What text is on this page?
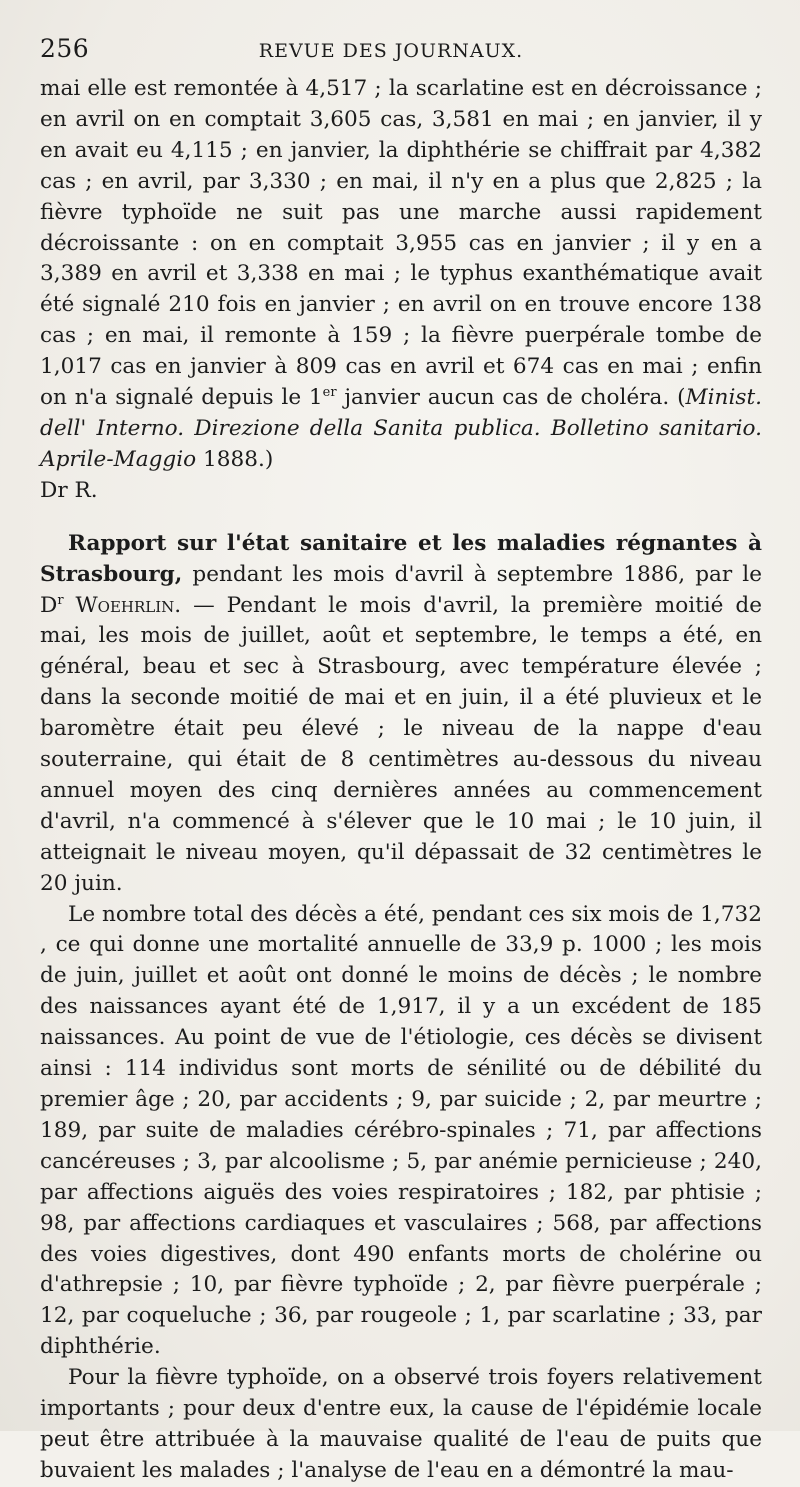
256	REVUE DES JOURNAUX.

mai elle est remontée à 4,517 ; la scarlatine est en décroissance ; en avril on en comptait 3,605 cas, 3,581 en mai ; en janvier, il y en avait eu 4,115 ; en janvier, la diphthérie se chiffrait par 4,382 cas ; en avril, par 3,330 ; en mai, il n'y en a plus que 2,825 ; la fièvre typhoïde ne suit pas une marche aussi rapidement décroissante : on en comptait 3,955 cas en janvier ; il y en a 3,389 en avril et 3,338 en mai ; le typhus exanthématique avait été signalé 210 fois en janvier ; en avril on en trouve encore 138 cas ; en mai, il remonte à 159 ; la fièvre puerpérale tombe de 1,017 cas en janvier à 809 cas en avril et 674 cas en mai ; enfin on n'a signalé depuis le 1er janvier aucun cas de choléra. (Minist. dell' Interno. Direzione della Sanita publica. Bolletino sanitario. Aprile-Maggio 1888.)

Dr R.

Rapport sur l'état sanitaire et les maladies régnantes à Strasbourg, pendant les mois d'avril à septembre 1886, par le $D^r$ Woehrlin. — Pendant le mois d'avril, la première moitié de mai, les mois de juillet, août et septembre, le temps a été, en général, beau et sec à Strasbourg, avec température élevée ; dans la seconde moitié de mai et en juin, il a été pluvieux et le baromètre était peu élevé ; le niveau de la nappe d'eau souterraine, qui était de 8 centimètres au-dessous du niveau annuel moyen des cinq dernières années au commencement d'avril, n'a commencé à s'élever que le 10 mai ; le 10 juin, il atteignait le niveau moyen, qu'il dépassait de 32 centimètres le 20 juin.

Le nombre total des décès a été, pendant ces six mois de 1,732 , ce qui donne une mortalité annuelle de 33,9 p. 1000 ; les mois de juin, juillet et août ont donné le moins de décès ; le nombre des naissances ayant été de 1,917, il y a un excédent de 185 naissances. Au point de vue de l'étiologie, ces décès se divisent ainsi : 114 individus sont morts de sénilité ou de débilité du premier âge ; 20, par accidents ; 9, par suicide ; 2, par meurtre ; 189, par suite de maladies cérébro-spinales ; 71, par affections cancéreuses ; 3, par alcoolisme ; 5, par anémie pernicieuse ; 240, par affections aiguës des voies respiratoires ; 182, par phtisie ; 98, par affections cardiaques et vasculaires ; 568, par affections des voies digestives, dont 490 enfants morts de cholérine ou d'athrepsie ; 10, par fièvre typhoïde ; 2, par fièvre puerpérale ; 12, par coqueluche ; 36, par rougeole ; 1, par scarlatine ; 33, par diphthérie.

Pour la fièvre typhoïde, on a observé trois foyers relativement importants ; pour deux d'entre eux, la cause de l'épidémie locale peut être attribuée à la mauvaise qualité de l'eau de puits que buvaient les malades ; l'analyse de l'eau en a démontré la mau-
